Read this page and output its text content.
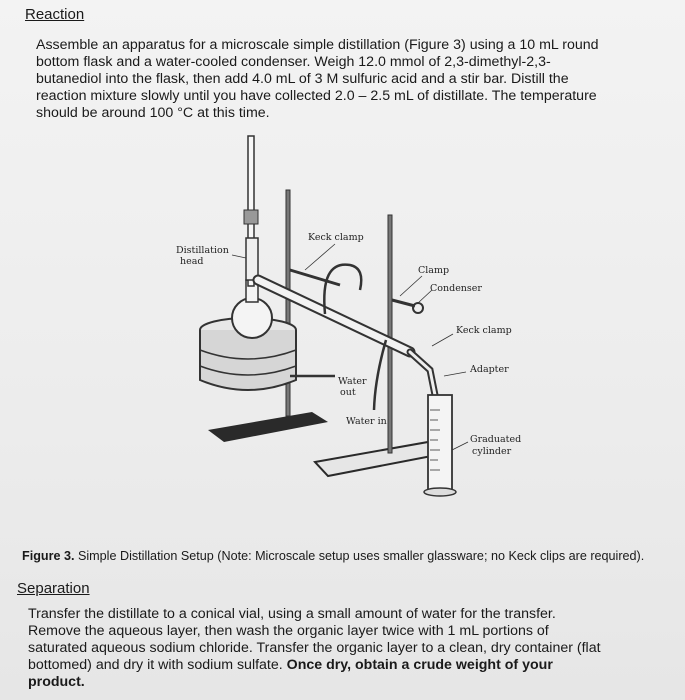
Reaction
Assemble an apparatus for a microscale simple distillation (Figure 3) using a 10 mL round
bottom flask and a water-cooled condenser. Weigh 12.0 mmol of 2,3-dimethyl-2,3-
butanediol into the flask, then add 4.0 mL of 3 M sulfuric acid and a stir bar. Distill the
reaction mixture slowly until you have collected 2.0 – 2.5 mL of distillate. The temperature
should be around 100 °C at this time.
Distillation
head
Keck clamp
Clamp
Condenser
Keck clamp
Adapter
Water
out
Water in
Graduated
cylinder
Figure 3. Simple Distillation Setup (Note: Microscale setup uses smaller glassware; no Keck clips are required).
Separation
Transfer the distillate to a conical vial, using a small amount of water for the transfer.
Remove the aqueous layer, then wash the organic layer twice with 1 mL portions of
saturated aqueous sodium chloride. Transfer the organic layer to a clean, dry container (flat
bottomed) and dry it with sodium sulfate. Once dry, obtain a crude weight of your
product.
